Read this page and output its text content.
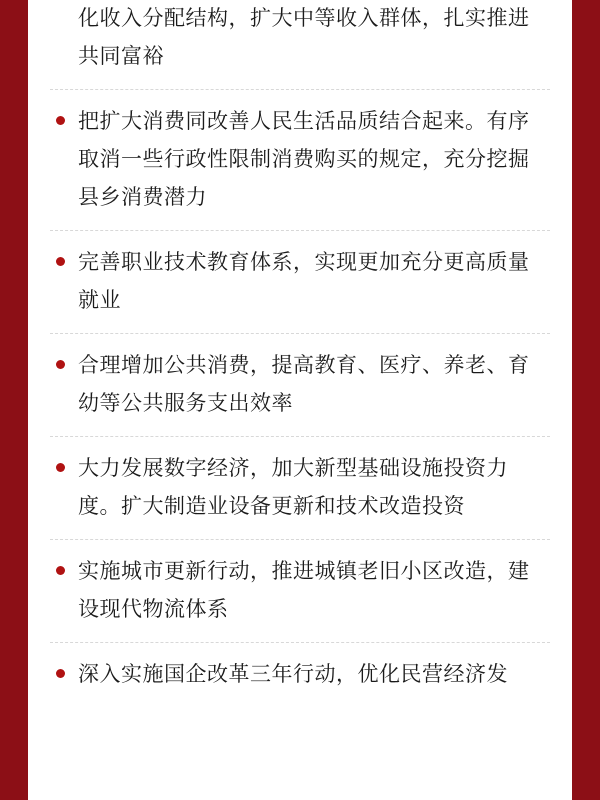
化收入分配结构，扩大中等收入群体，扎实推进共同富裕
把扩大消费同改善人民生活品质结合起来。有序取消一些行政性限制消费购买的规定，充分挖掘县乡消费潜力
完善职业技术教育体系，实现更加充分更高质量就业
合理增加公共消费，提高教育、医疗、养老、育幼等公共服务支出效率
大力发展数字经济，加大新型基础设施投资力度。扩大制造业设备更新和技术改造投资
实施城市更新行动，推进城镇老旧小区改造，建设现代物流体系
深入实施国企改革三年行动，优化民营经济发
